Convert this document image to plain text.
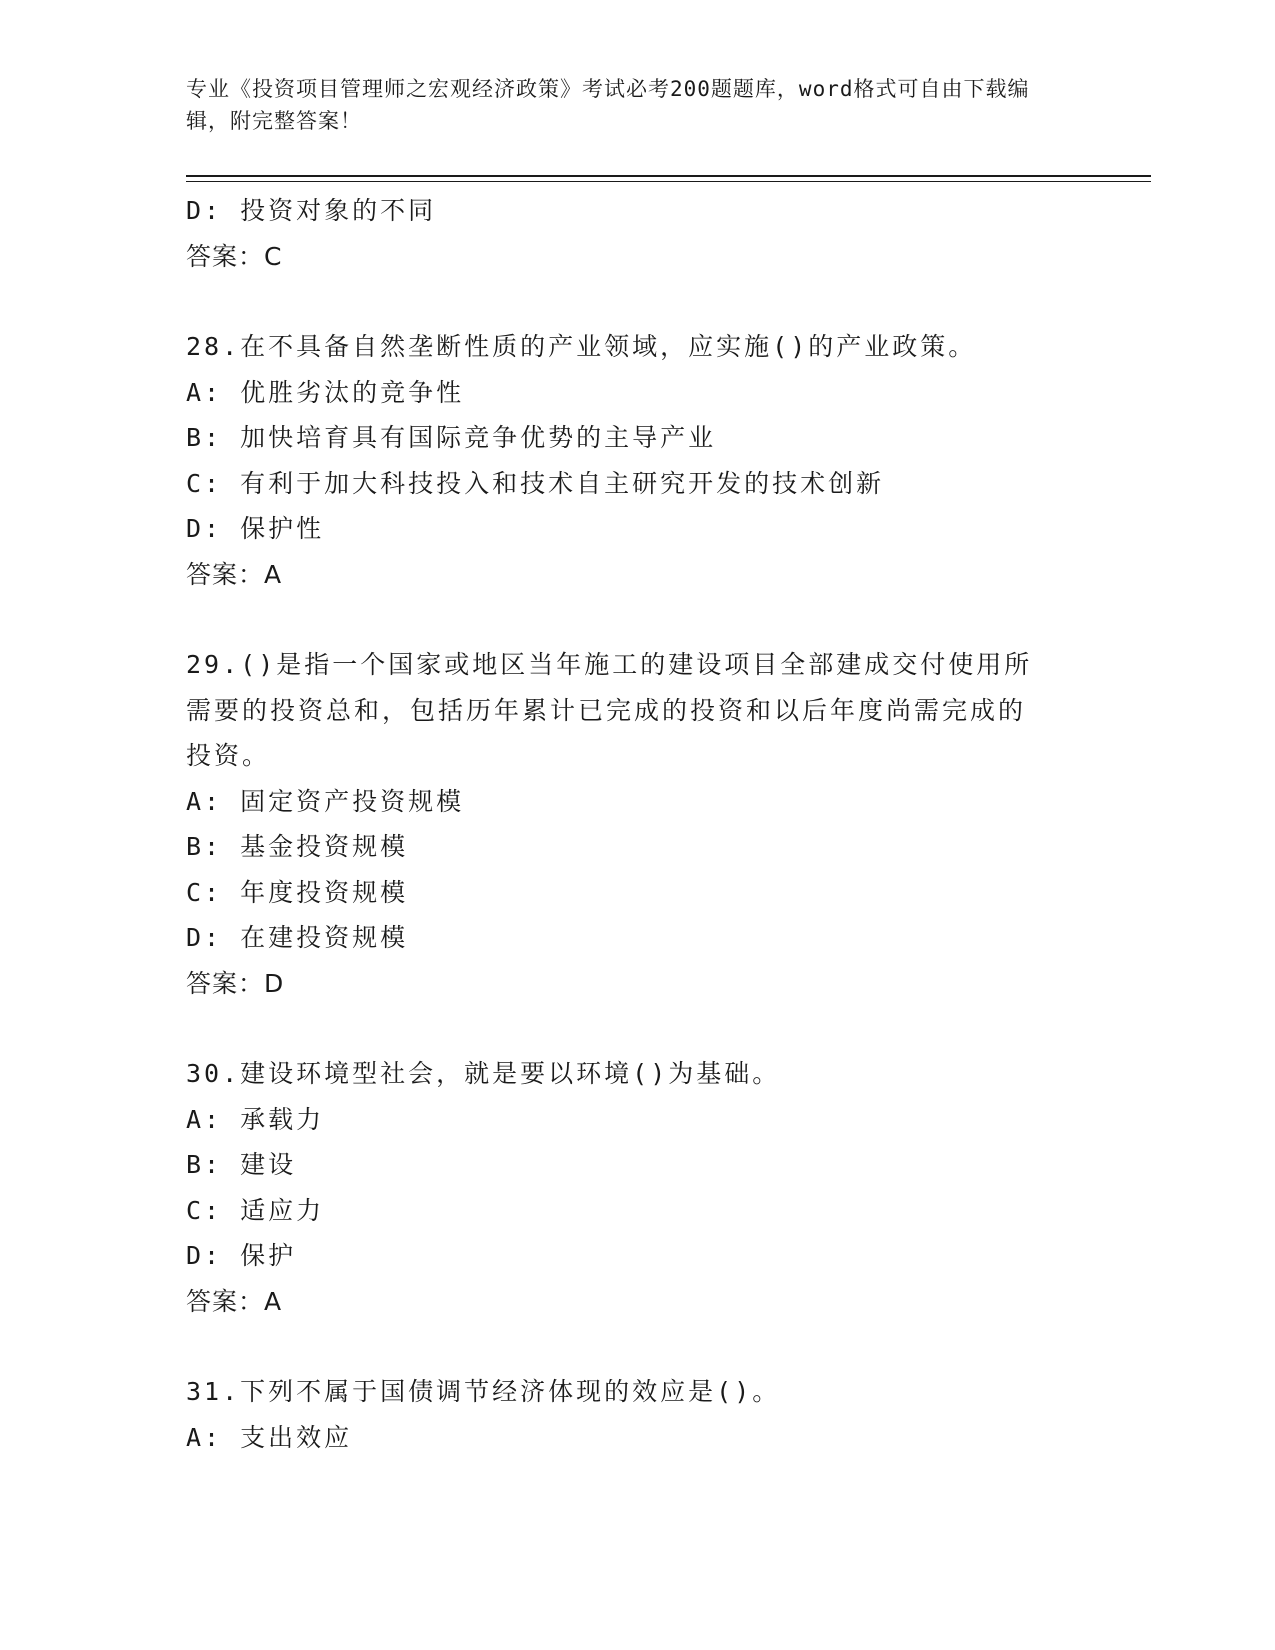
专业《投资项目管理师之宏观经济政策》考试必考200题题库，word格式可自由下载编辑，附完整答案！

D: 投资对象的不同

答案：C

28.在不具备自然垄断性质的产业领域，应实施()的产业政策。

A: 优胜劣汰的竞争性

B: 加快培育具有国际竞争优势的主导产业

C: 有利于加大科技投入和技术自主研究开发的技术创新

D: 保护性

答案：A

29.()是指一个国家或地区当年施工的建设项目全部建成交付使用所需要的投资总和，包括历年累计已完成的投资和以后年度尚需完成的投资。

A: 固定资产投资规模

B: 基金投资规模

C: 年度投资规模

D: 在建投资规模

答案：D

30.建设环境型社会，就是要以环境()为基础。

A: 承载力

B: 建设

C: 适应力

D: 保护

答案：A

31.下列不属于国债调节经济体现的效应是()。

A: 支出效应
